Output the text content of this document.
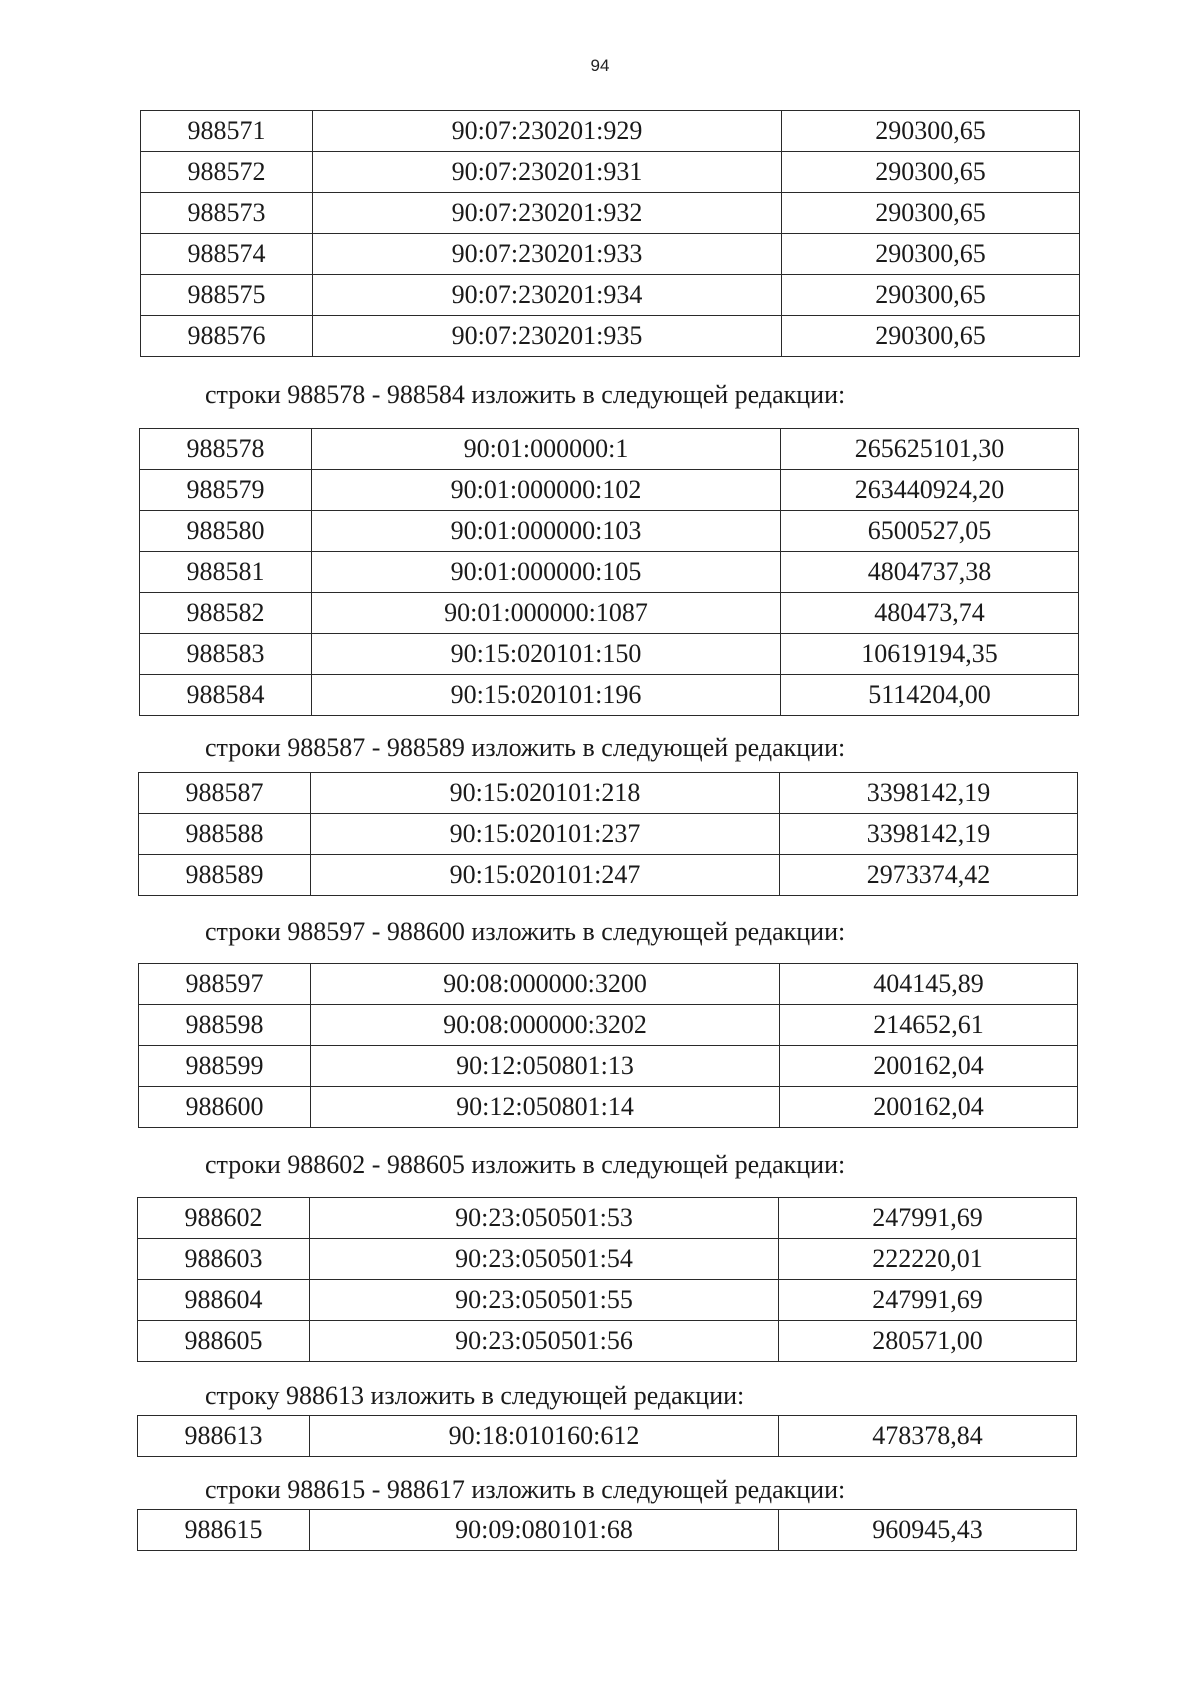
94
988571	90:07:230201:929	290300,65
988572	90:07:230201:931	290300,65
988573	90:07:230201:932	290300,65
988574	90:07:230201:933	290300,65
988575	90:07:230201:934	290300,65
988576	90:07:230201:935	290300,65
строки 988578 - 988584 изложить в следующей редакции:
988578	90:01:000000:1	265625101,30
988579	90:01:000000:102	263440924,20
988580	90:01:000000:103	6500527,05
988581	90:01:000000:105	4804737,38
988582	90:01:000000:1087	480473,74
988583	90:15:020101:150	10619194,35
988584	90:15:020101:196	5114204,00
строки 988587 - 988589 изложить в следующей редакции:
988587	90:15:020101:218	3398142,19
988588	90:15:020101:237	3398142,19
988589	90:15:020101:247	2973374,42
строки 988597 - 988600 изложить в следующей редакции:
988597	90:08:000000:3200	404145,89
988598	90:08:000000:3202	214652,61
988599	90:12:050801:13	200162,04
988600	90:12:050801:14	200162,04
строки 988602 - 988605 изложить в следующей редакции:
988602	90:23:050501:53	247991,69
988603	90:23:050501:54	222220,01
988604	90:23:050501:55	247991,69
988605	90:23:050501:56	280571,00
строку 988613 изложить в следующей редакции:
988613	90:18:010160:612	478378,84
строки 988615 - 988617 изложить в следующей редакции:
988615	90:09:080101:68	960945,43
